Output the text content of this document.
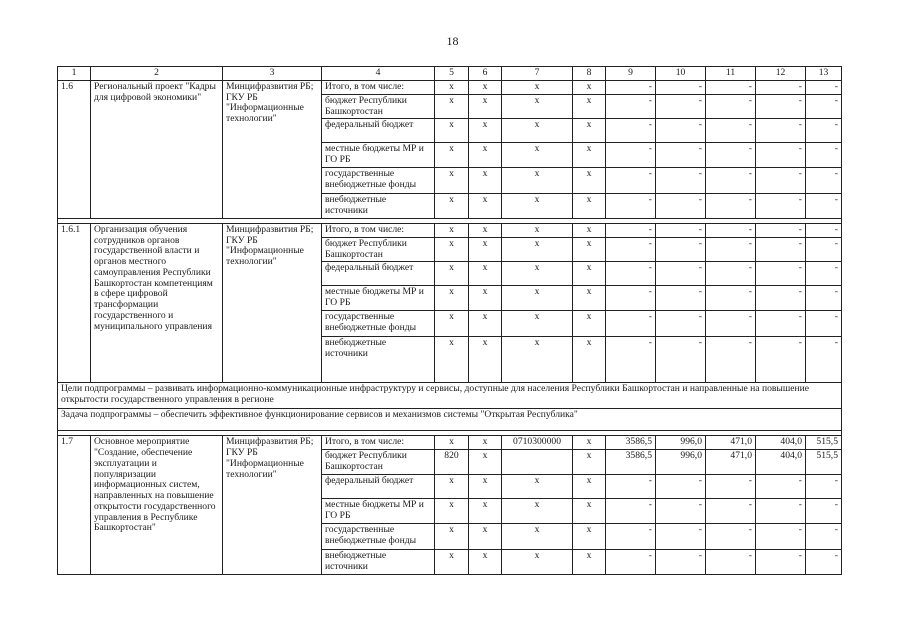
18
1	2	3	4	5	6	7	8	9	10	11	12	13
1.6	Региональный проект "Кадры для цифровой экономики"	Минцифразвития РБ; ГКУ РБ "Информационные технологии"	Итого, в том числе:	x	x	x	x	-	-	-	-	-
			бюджет Республики Башкортостан	x	x	x	x	-	-	-	-	-
			федеральный бюджет	x	x	x	x	-	-	-	-	-
			местные бюджеты МР и ГО РБ	x	x	x	x	-	-	-	-	-
			государственные внебюджетные фонды	x	x	x	x	-	-	-	-	-
			внебюджетные источники	x	x	x	x	-	-	-	-	-

1.6.1	Организация обучения сотрудников органов государственной власти и органов местного самоуправления Республики Башкортостан компетенциям в сфере цифровой трансформации государственного и муниципального управления	Минцифразвития РБ; ГКУ РБ "Информационные технологии"	Итого, в том числе:	x	x	x	x	-	-	-	-	-
			бюджет Республики Башкортостан	x	x	x	x	-	-	-	-	-
			федеральный бюджет	x	x	x	x	-	-	-	-	-
			местные бюджеты МР и ГО РБ	x	x	x	x	-	-	-	-	-
			государственные внебюджетные фонды	x	x	x	x	-	-	-	-	-
			внебюджетные источники	x	x	x	x	-	-	-	-	-
Цели подпрограммы – развивать информационно-коммуникационные инфраструктуру и сервисы, доступные для населения Республики Башкортостан и направленные на повышение открытости государственного управления в регионе												
Задача подпрограммы – обеспечить эффективное функционирование сервисов и механизмов системы "Открытая Республика"												

1.7	Основное мероприятие "Создание, обеспечение эксплуатации и популяризации информационных систем, направленных на повышение открытости государственного управления в Республике Башкортостан"	Минцифразвития РБ; ГКУ РБ "Информационные технологии"	Итого, в том числе:	x	x	0710300000	x	3586,5	996,0	471,0	404,0	515,5
			бюджет Республики Башкортостан	820	x		x	3586,5	996,0	471,0	404,0	515,5
			федеральный бюджет	x	x	x	x	-	-	-	-	-
			местные бюджеты МР и ГО РБ	x	x	x	x	-	-	-	-	-
			государственные внебюджетные фонды	x	x	x	x	-	-	-	-	-
			внебюджетные источники	x	x	x	x	-	-	-	-	-
